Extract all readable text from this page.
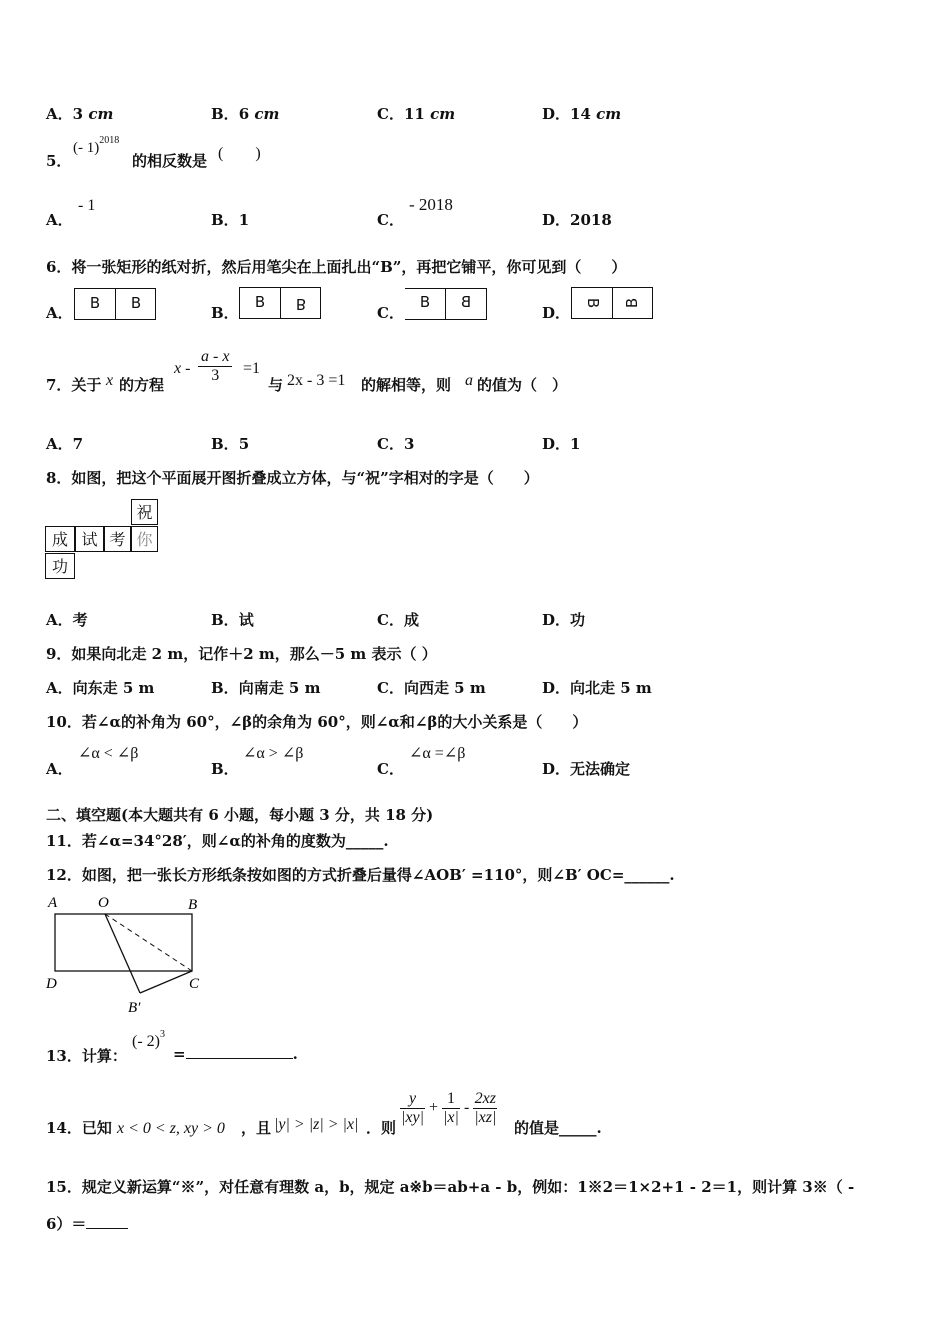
A．3 cm	B．6 cm	C．11 cm	D．14 cm
5．
(- 1)$^{2018}$
的相反数是 (　　)
A．
- 1
B．1	C．
- 2018
D．2018
6．将一张矩形的纸对折，然后用笔尖在上面扎出“B”，再把它铺平，你可见到（　　）
A．
B	B
B．
B	B	C．
B	B
D．
B	B
7．关于 x 的方程
$x - \frac{a - x}{3} =1$
与 2x - 3 =1 的解相等，则 a 的值为（　）
A．7	B．5	C．3	D．1
8．如图，把这个平面展开图折叠成立方体，与“祝”字相对的字是（　　）
祝
成 试 考 你
功
A．考	B．试	C．成	D．功
9．如果向北走 2 m，记作＋2 m，那么－5 m 表示（ ）
A．向东走 5 m	B．向南走 5 m	C．向西走 5 m	D．向北走 5 m
10．若∠α的补角为 60°，∠β的余角为 60°，则∠α和∠β的大小关系是（　　）
A．
∠α < ∠β
B．
∠α > ∠β
C．
∠α =∠β
D．无法确定
二、填空题(本大题共有 6 小题，每小题 3 分，共 18 分)
11．若∠α=34°28′，则∠α的补角的度数为_____.
12．如图，把一张长方形纸条按如图的方式折叠后量得∠AOB′ =110°，则∠B′ OC=______.
A	O	B
D	C
B′
13．计算：
(- 2)$^3$
=	.
14．已知 x < 0 < z, xy > 0 ，且 |y| > |z| > |x| ．则
$\frac{y}{|xy|} + \frac{1}{|x|} - \frac{2xz}{|xz|}$
的值是_____.
15．规定义新运算“※”，对任意有理数 a，b，规定 a※b＝ab+a - b，例如：1※2＝1×2+1 - 2＝1，则计算 3※（ -
6）＝
